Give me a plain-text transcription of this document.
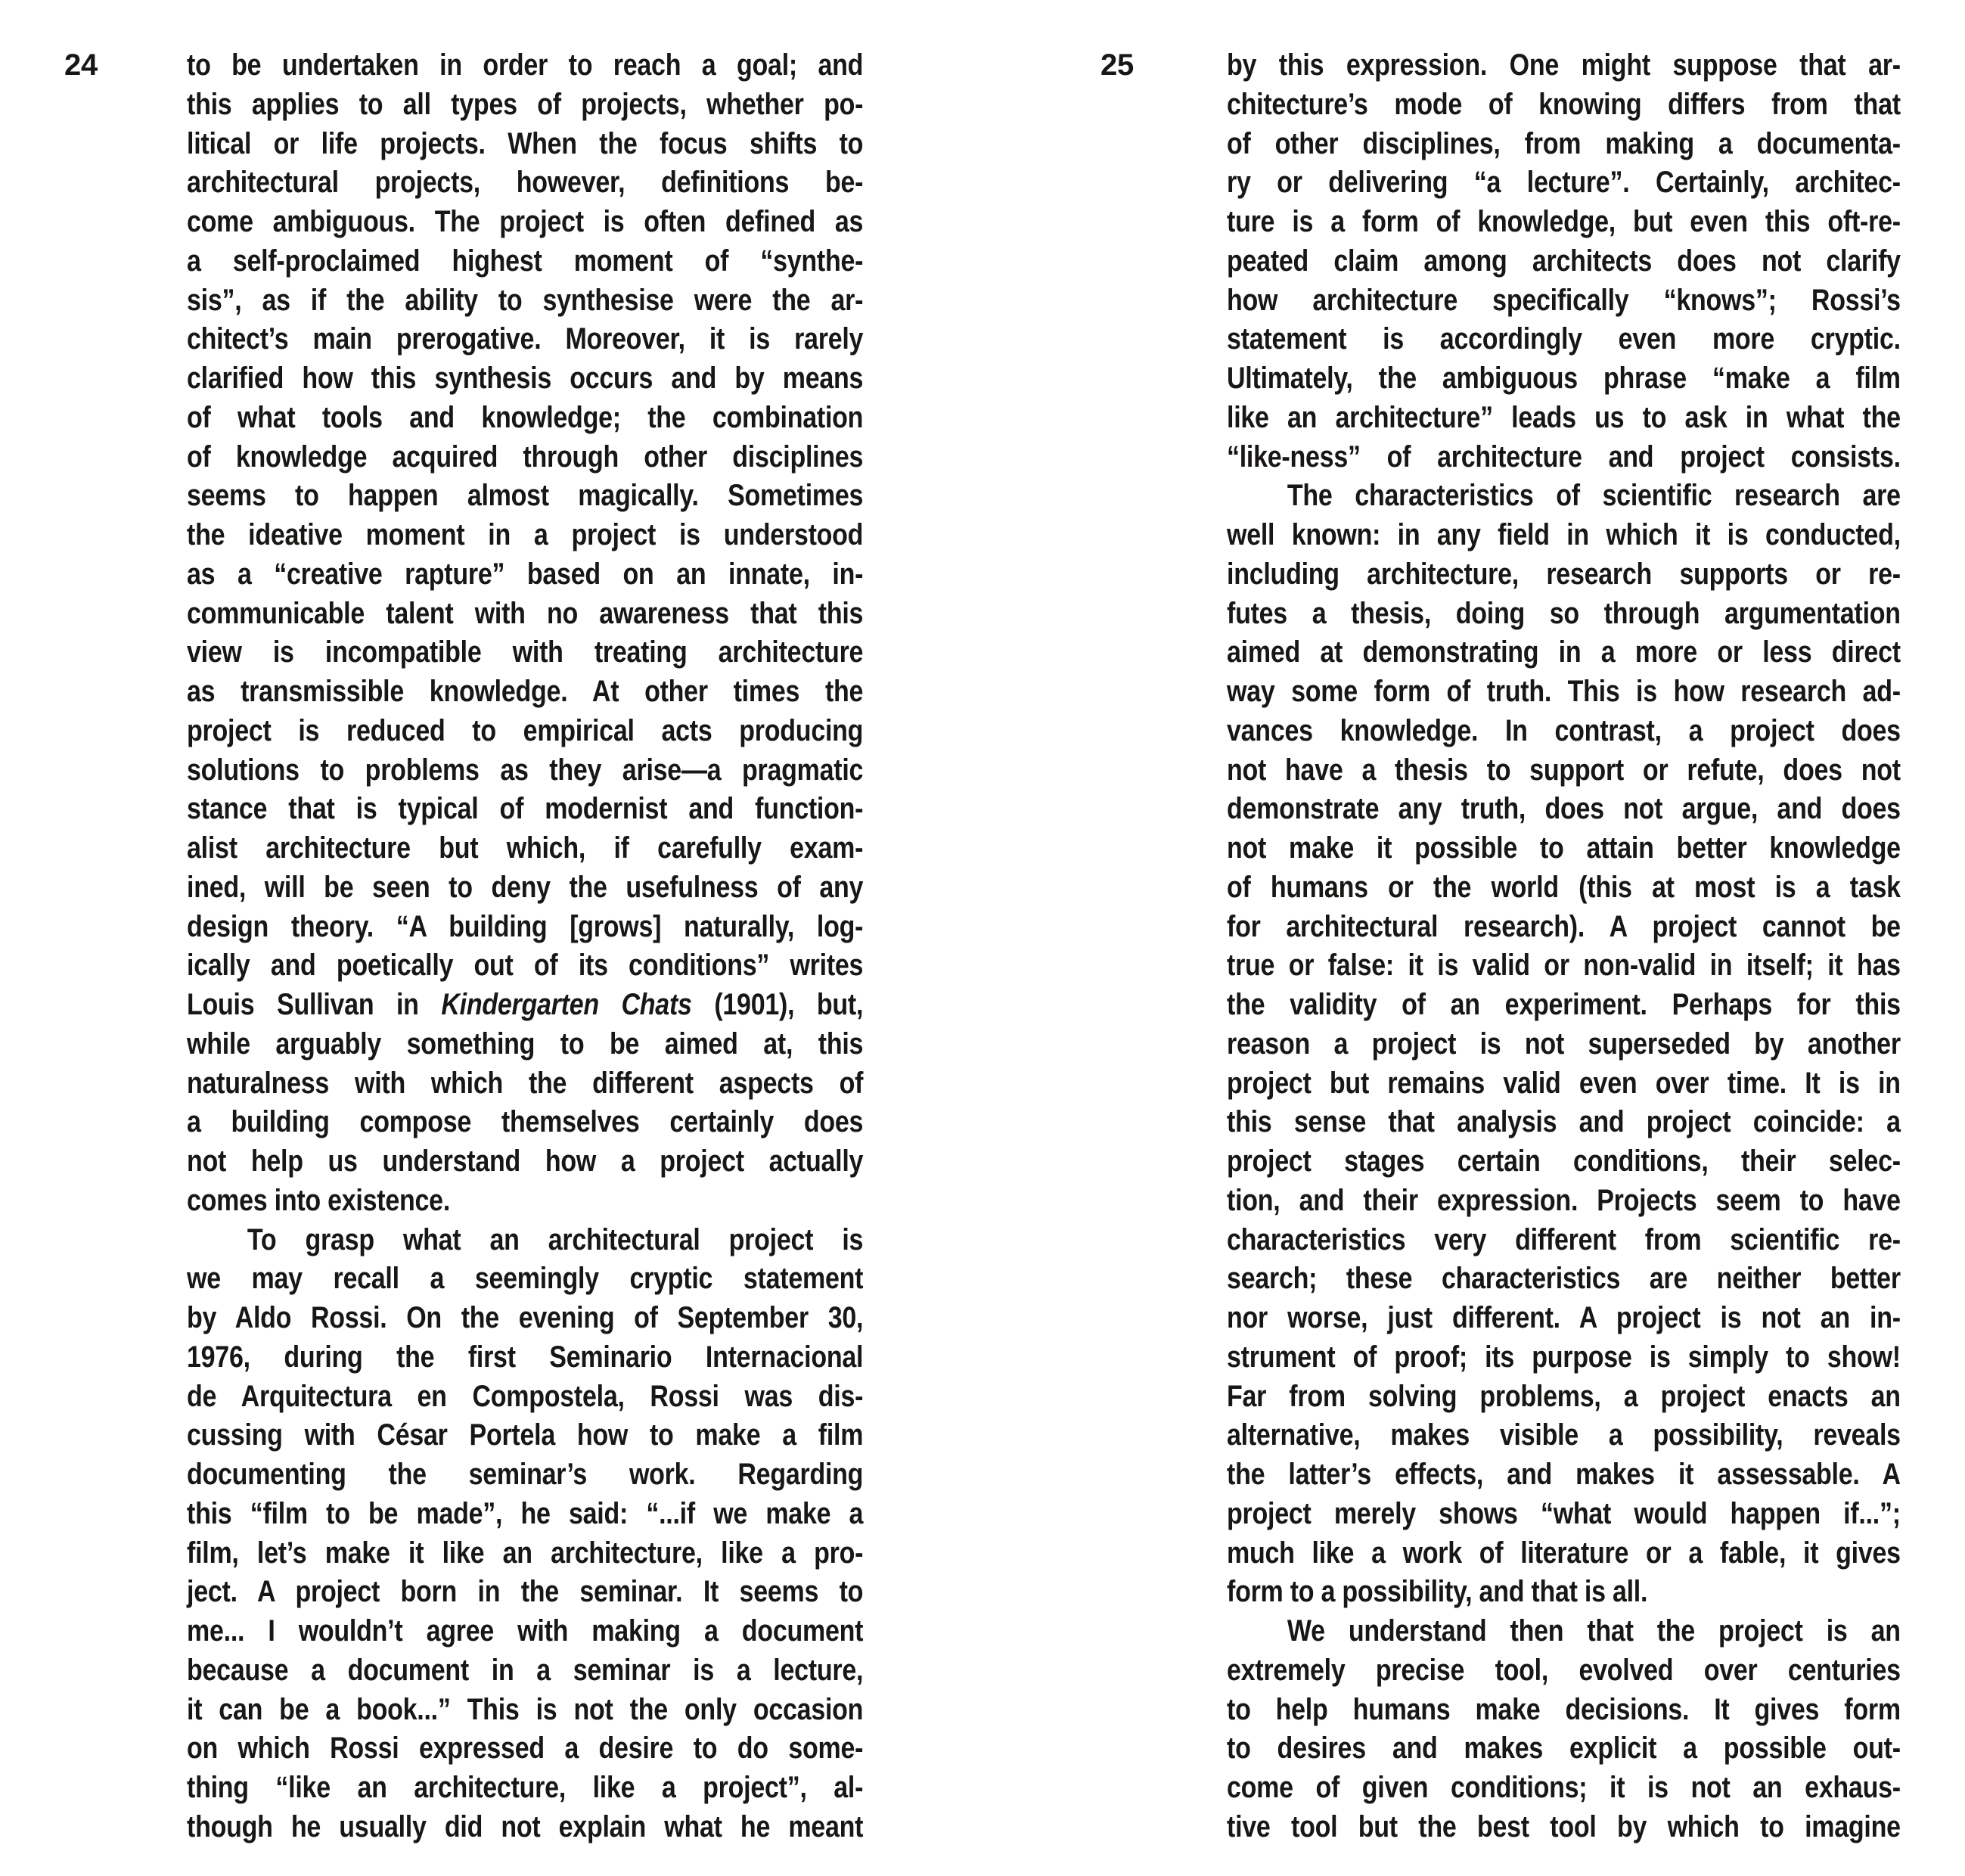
24	to be undertaken in order to reach a goal; and
this applies to all types of projects, whether po-
litical or life projects. When the focus shifts to
architectural projects, however, definitions be-
come ambiguous. The project is often defined as
a self-proclaimed highest moment of “synthe-
sis”, as if the ability to synthesise were the ar-
chitect’s main prerogative. Moreover, it is rarely
clarified how this synthesis occurs and by means
of what tools and knowledge; the combination
of knowledge acquired through other disciplines
seems to happen almost magically. Sometimes
the ideative moment in a project is understood
as a “creative rapture” based on an innate, in-
communicable talent with no awareness that this
view is incompatible with treating architecture
as transmissible knowledge. At other times the
project is reduced to empirical acts producing
solutions to problems as they arise—a pragmatic
stance that is typical of modernist and function-
alist architecture but which, if carefully exam-
ined, will be seen to deny the usefulness of any
design theory. “A building [grows] naturally, log-
ically and poetically out of its conditions” writes
Louis Sullivan in Kindergarten Chats (1901), but,
while arguably something to be aimed at, this
naturalness with which the different aspects of
a building compose themselves certainly does
not help us understand how a project actually
comes into existence.
To grasp what an architectural project is
we may recall a seemingly cryptic statement
by Aldo Rossi. On the evening of September 30,
1976, during the first Seminario Internacional
de Arquitectura en Compostela, Rossi was dis-
cussing with César Portela how to make a film
documenting the seminar’s work. Regarding
this “film to be made”, he said: “...if we make a
film, let’s make it like an architecture, like a pro-
ject. A project born in the seminar. It seems to
me... I wouldn’t agree with making a document
because a document in a seminar is a lecture,
it can be a book...” This is not the only occasion
on which Rossi expressed a desire to do some-
thing “like an architecture, like a project”, al-
though he usually did not explain what he meant
25	by this expression. One might suppose that ar-
chitecture’s mode of knowing differs from that
of other disciplines, from making a documenta-
ry or delivering “a lecture”. Certainly, architec-
ture is a form of knowledge, but even this oft-re-
peated claim among architects does not clarify
how architecture specifically “knows”; Rossi’s
statement is accordingly even more cryptic.
Ultimately, the ambiguous phrase “make a film
like an architecture” leads us to ask in what the
“like-ness” of architecture and project consists.
The characteristics of scientific research are
well known: in any field in which it is conducted,
including architecture, research supports or re-
futes a thesis, doing so through argumentation
aimed at demonstrating in a more or less direct
way some form of truth. This is how research ad-
vances knowledge. In contrast, a project does
not have a thesis to support or refute, does not
demonstrate any truth, does not argue, and does
not make it possible to attain better knowledge
of humans or the world (this at most is a task
for architectural research). A project cannot be
true or false: it is valid or non-valid in itself; it has
the validity of an experiment. Perhaps for this
reason a project is not superseded by another
project but remains valid even over time. It is in
this sense that analysis and project coincide: a
project stages certain conditions, their selec-
tion, and their expression. Projects seem to have
characteristics very different from scientific re-
search; these characteristics are neither better
nor worse, just different. A project is not an in-
strument of proof; its purpose is simply to show!
Far from solving problems, a project enacts an
alternative, makes visible a possibility, reveals
the latter’s effects, and makes it assessable. A
project merely shows “what would happen if...”;
much like a work of literature or a fable, it gives
form to a possibility, and that is all.
We understand then that the project is an
extremely precise tool, evolved over centuries
to help humans make decisions. It gives form
to desires and makes explicit a possible out-
come of given conditions; it is not an exhaus-
tive tool but the best tool by which to imagine
